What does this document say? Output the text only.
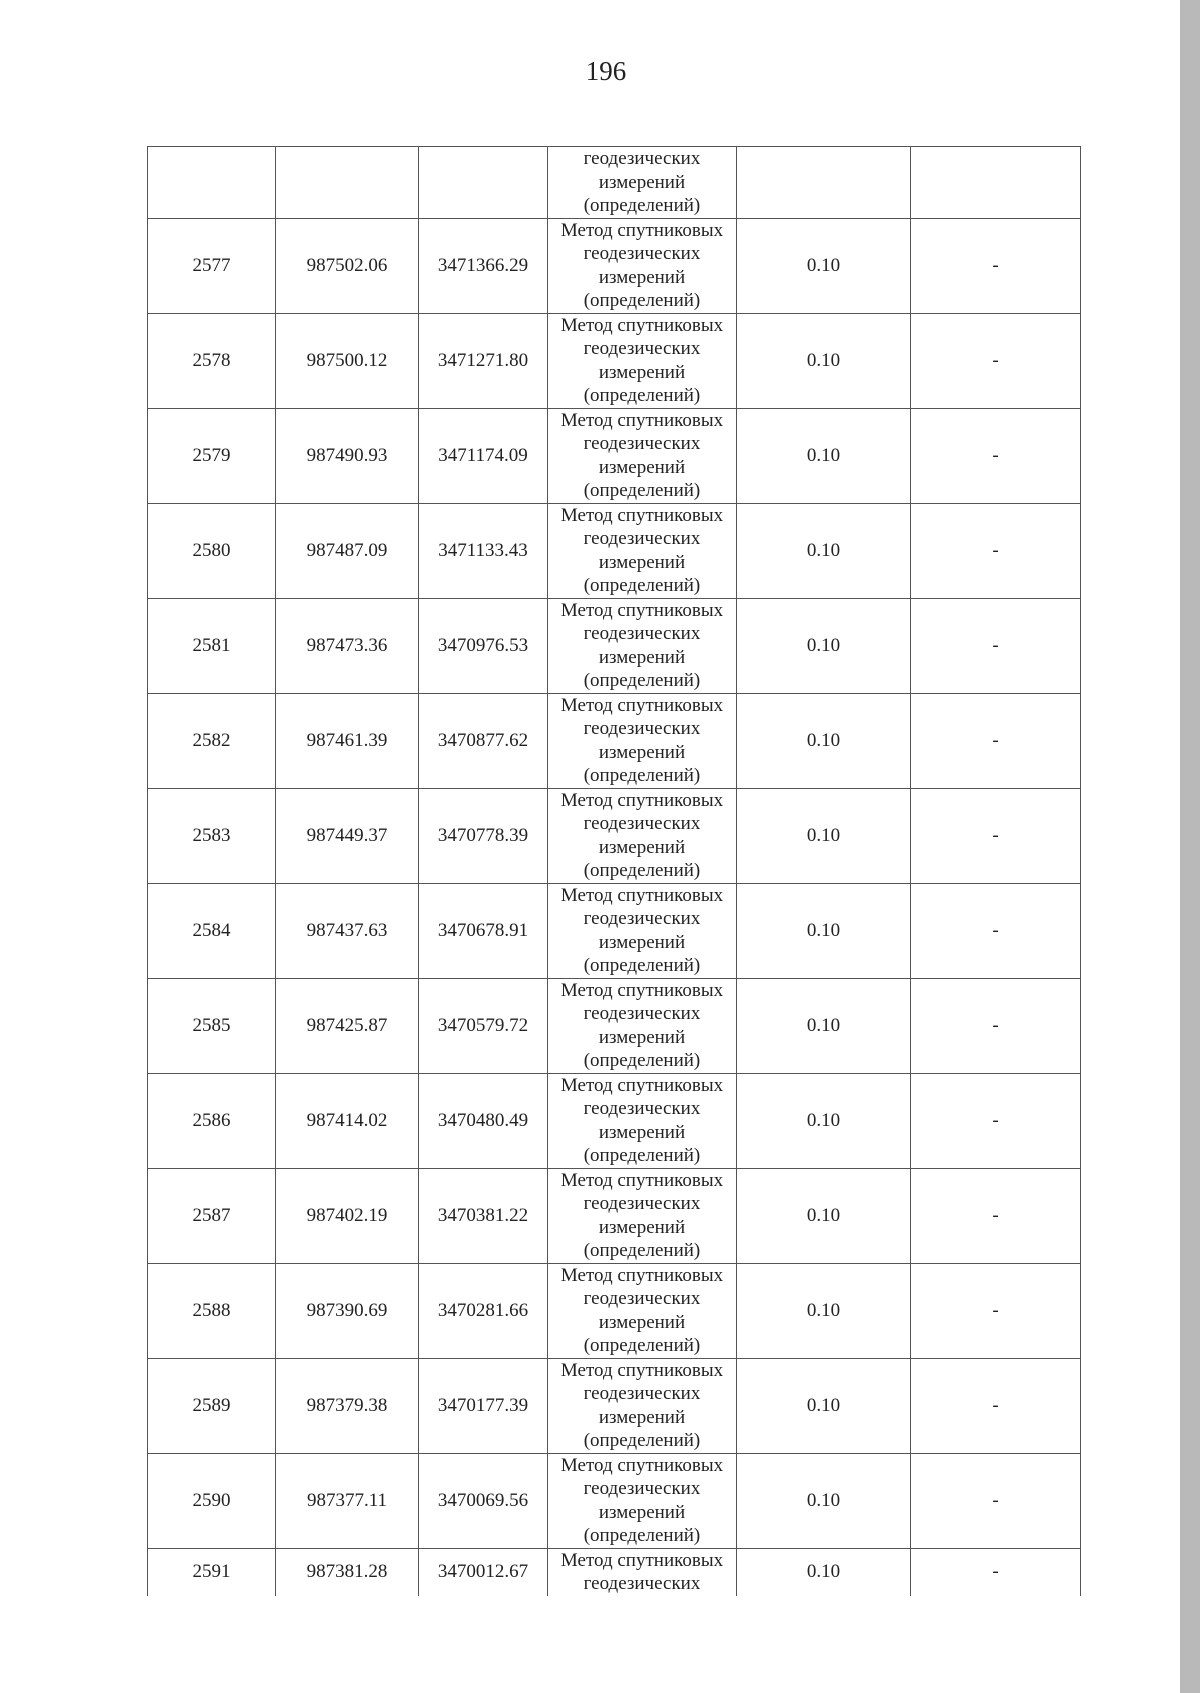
196

			геодезических
измерений
(определений)		

2577	987502.06	3471366.29	Метод спутниковых
геодезических
измерений
(определений)	0.10	-
2578	987500.12	3471271.80	Метод спутниковых
геодезических
измерений
(определений)	0.10	-
2579	987490.93	3471174.09	Метод спутниковых
геодезических
измерений
(определений)	0.10	-
2580	987487.09	3471133.43	Метод спутниковых
геодезических
измерений
(определений)	0.10	-
2581	987473.36	3470976.53	Метод спутниковых
геодезических
измерений
(определений)	0.10	-
2582	987461.39	3470877.62	Метод спутниковых
геодезических
измерений
(определений)	0.10	-
2583	987449.37	3470778.39	Метод спутниковых
геодезических
измерений
(определений)	0.10	-
2584	987437.63	3470678.91	Метод спутниковых
геодезических
измерений
(определений)	0.10	-
2585	987425.87	3470579.72	Метод спутниковых
геодезических
измерений
(определений)	0.10	-
2586	987414.02	3470480.49	Метод спутниковых
геодезических
измерений
(определений)	0.10	-
2587	987402.19	3470381.22	Метод спутниковых
геодезических
измерений
(определений)	0.10	-
2588	987390.69	3470281.66	Метод спутниковых
геодезических
измерений
(определений)	0.10	-
2589	987379.38	3470177.39	Метод спутниковых
геодезических
измерений
(определений)	0.10	-
2590	987377.11	3470069.56	Метод спутниковых
геодезических
измерений
(определений)	0.10	-
2591	987381.28	3470012.67	Метод спутниковых
геодезических	0.10	-
